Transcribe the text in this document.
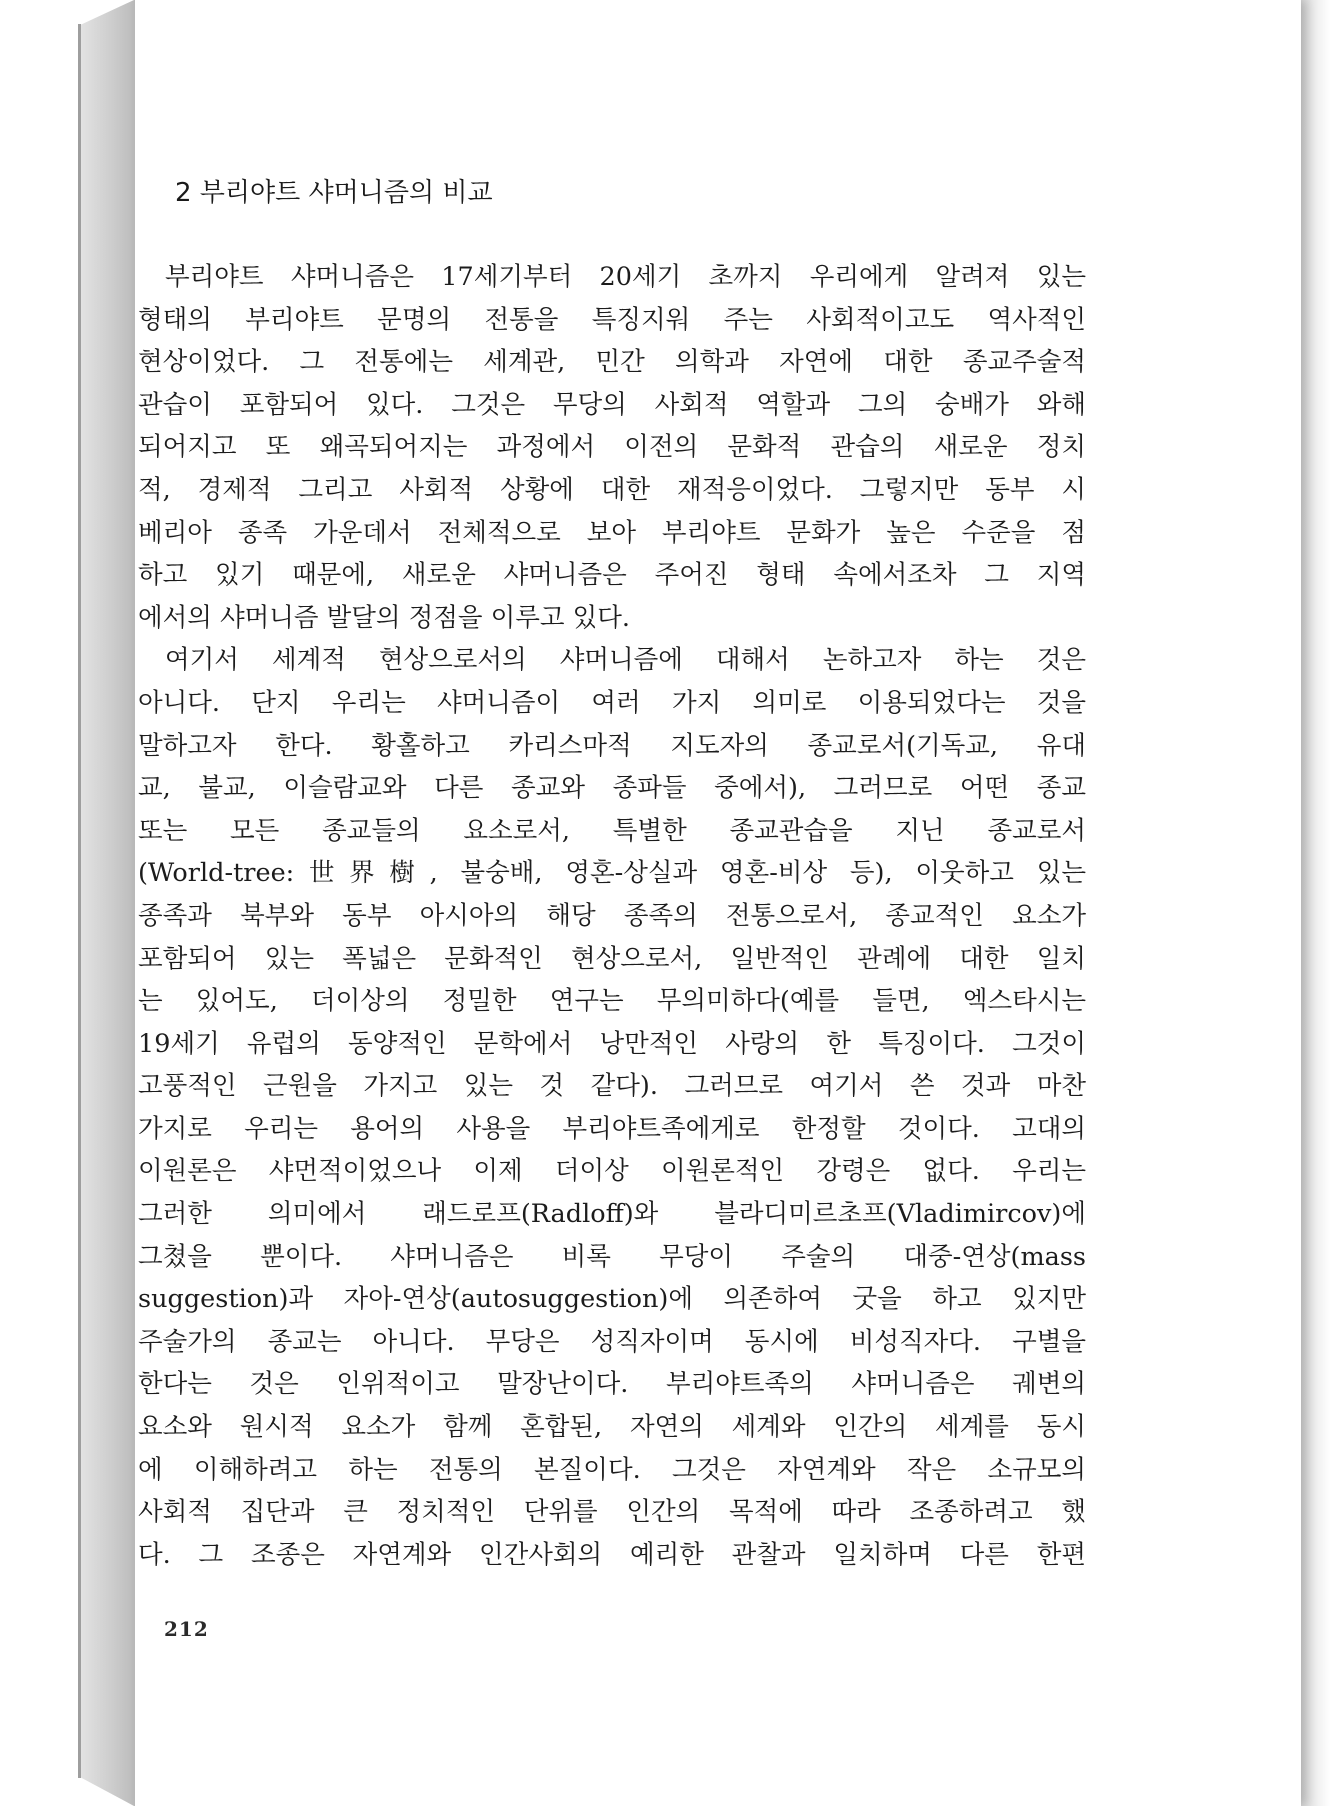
2 부리야트 샤머니즘의 비교
부리야트 샤머니즘은 17세기부터 20세기 초까지 우리에게 알려져 있는
형태의 부리야트 문명의 전통을 특징지워 주는 사회적이고도 역사적인
현상이었다. 그 전통에는 세계관, 민간 의학과 자연에 대한 종교주술적
관습이 포함되어 있다. 그것은 무당의 사회적 역할과 그의 숭배가 와해
되어지고 또 왜곡되어지는 과정에서 이전의 문화적 관습의 새로운 정치
적, 경제적 그리고 사회적 상황에 대한 재적응이었다. 그렇지만 동부 시
베리아 종족 가운데서 전체적으로 보아 부리야트 문화가 높은 수준을 점
하고 있기 때문에, 새로운 샤머니즘은 주어진 형태 속에서조차 그 지역
에서의 샤머니즘 발달의 정점을 이루고 있다.
여기서 세계적 현상으로서의 샤머니즘에 대해서 논하고자 하는 것은
아니다. 단지 우리는 샤머니즘이 여러 가지 의미로 이용되었다는 것을
말하고자 한다. 황홀하고 카리스마적 지도자의 종교로서(기독교, 유대
교, 불교, 이슬람교와 다른 종교와 종파들 중에서), 그러므로 어떤 종교
또는 모든 종교들의 요소로서, 특별한 종교관습을 지닌 종교로서
(World-tree:世界樹, 불숭배, 영혼-상실과 영혼-비상 등), 이웃하고 있는
종족과 북부와 동부 아시아의 해당 종족의 전통으로서, 종교적인 요소가
포함되어 있는 폭넓은 문화적인 현상으로서, 일반적인 관례에 대한 일치
는 있어도, 더이상의 정밀한 연구는 무의미하다(예를 들면, 엑스타시는
19세기 유럽의 동양적인 문학에서 낭만적인 사랑의 한 특징이다. 그것이
고풍적인 근원을 가지고 있는 것 같다). 그러므로 여기서 쓴 것과 마찬
가지로 우리는 용어의 사용을 부리야트족에게로 한정할 것이다. 고대의
이원론은 샤먼적이었으나 이제 더이상 이원론적인 강령은 없다. 우리는
그러한 의미에서 래드로프(Radloff)와 블라디미르초프(Vladimircov)에
그쳤을 뿐이다. 샤머니즘은 비록 무당이 주술의 대중-연상(mass
suggestion)과 자아-연상(autosuggestion)에 의존하여 굿을 하고 있지만
주술가의 종교는 아니다. 무당은 성직자이며 동시에 비성직자다. 구별을
한다는 것은 인위적이고 말장난이다. 부리야트족의 샤머니즘은 궤변의
요소와 원시적 요소가 함께 혼합된, 자연의 세계와 인간의 세계를 동시
에 이해하려고 하는 전통의 본질이다. 그것은 자연계와 작은 소규모의
사회적 집단과 큰 정치적인 단위를 인간의 목적에 따라 조종하려고 했
다. 그 조종은 자연계와 인간사회의 예리한 관찰과 일치하며 다른 한편
212
